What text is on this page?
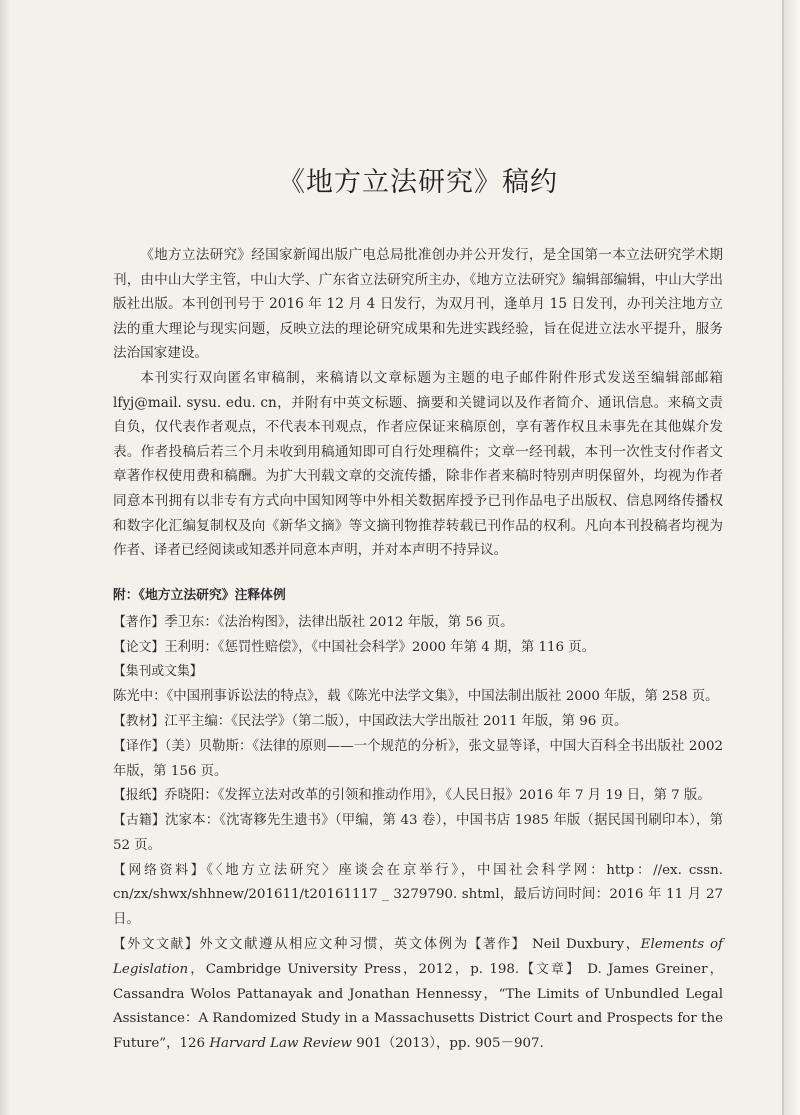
《地方立法研究》稿约

《地方立法研究》经国家新闻出版广电总局批准创办并公开发行，是全国第一本立法研究学术期刊，由中山大学主管，中山大学、广东省立法研究所主办，《地方立法研究》编辑部编辑，中山大学出版社出版。本刊创刊号于 2016 年 12 月 4 日发行，为双月刊，逢单月 15 日发刊，办刊关注地方立法的重大理论与现实问题，反映立法的理论研究成果和先进实践经验，旨在促进立法水平提升，服务法治国家建设。

本刊实行双向匿名审稿制，来稿请以文章标题为主题的电子邮件附件形式发送至编辑部邮箱 lfyj@mail. sysu. edu. cn，并附有中英文标题、摘要和关键词以及作者简介、通讯信息。来稿文责自负，仅代表作者观点，不代表本刊观点，作者应保证来稿原创，享有著作权且未事先在其他媒介发表。作者投稿后若三个月未收到用稿通知即可自行处理稿件；文章一经刊载，本刊一次性支付作者文章著作权使用费和稿酬。为扩大刊载文章的交流传播，除非作者来稿时特别声明保留外，均视为作者同意本刊拥有以非专有方式向中国知网等中外相关数据库授予已刊作品电子出版权、信息网络传播权和数字化汇编复制权及向《新华文摘》等文摘刊物推荐转载已刊作品的权利。凡向本刊投稿者均视为作者、译者已经阅读或知悉并同意本声明，并对本声明不持异议。

附：《地方立法研究》注释体例

【著作】季卫东：《法治构图》，法律出版社 2012 年版，第 56 页。

【论文】王利明：《惩罚性赔偿》，《中国社会科学》2000 年第 4 期，第 116 页。

【集刊或文集】

陈光中：《中国刑事诉讼法的特点》，载《陈光中法学文集》，中国法制出版社 2000 年版，第 258 页。

【教材】江平主编：《民法学》（第二版），中国政法大学出版社 2011 年版，第 96 页。

【译作】（美）贝勒斯：《法律的原则——一个规范的分析》，张文显等译，中国大百科全书出版社 2002 年版，第 156 页。

【报纸】乔晓阳：《发挥立法对改革的引领和推动作用》，《人民日报》2016 年 7 月 19 日，第 7 版。

【古籍】沈家本：《沈寄簃先生遗书》（甲编，第 43 卷），中国书店 1985 年版（据民国刊刷印本），第 52 页。

【网络资料】《〈地方立法研究〉座谈会在京举行》，中国社会科学网：http：//ex. cssn. cn/zx/shwx/shhnew/201611/t20161117 _ 3279790. shtml，最后访问时间：2016 年 11 月 27 日。

【外文文献】外文文献遵从相应文种习惯，英文体例为【著作】 Neil Duxbury，Elements of Legislation，Cambridge University Press，2012，p. 198.【文章】 D. James Greiner，Cassandra Wolos Pattanayak and Jonathan Hennessy，“The Limits of Unbundled Legal Assistance：A Randomized Study in a Massachusetts District Court and Prospects for the Future”，126 Harvard Law Review 901（2013），pp. 905－907.
